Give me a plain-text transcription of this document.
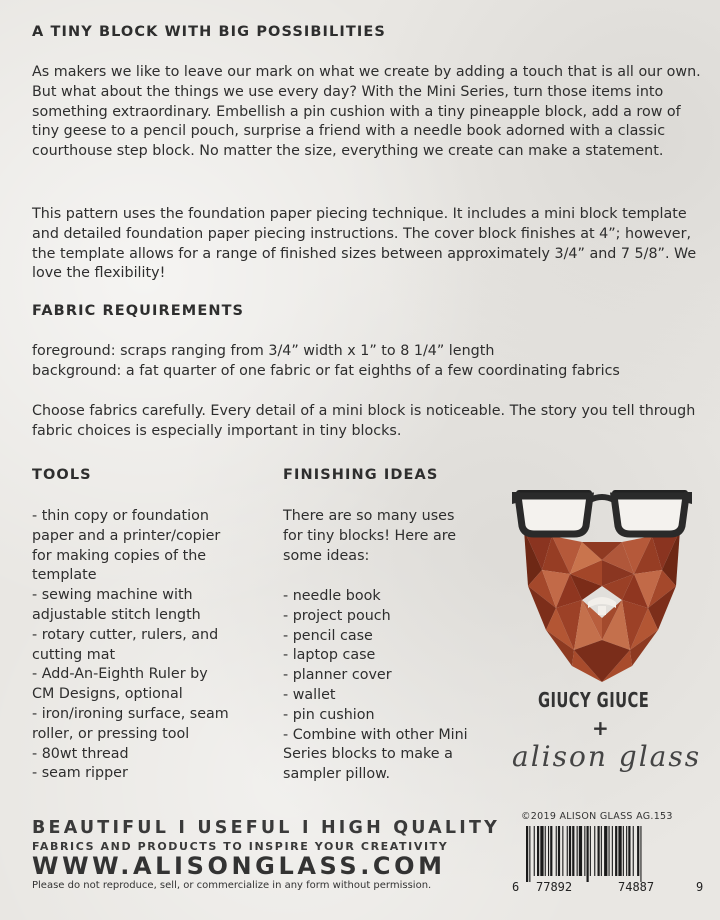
A TINY BLOCK WITH BIG POSSIBILITIES

As makers we like to leave our mark on what we create by adding a touch that is all our own. But what about the things we use every day? With the Mini Series, turn those items into something extraordinary. Embellish a pin cushion with a tiny pineapple block, add a row of tiny geese to a pencil pouch, surprise a friend with a needle book adorned with a classic courthouse step block. No matter the size, everything we create can make a statement.

This pattern uses the foundation paper piecing technique. It includes a mini block template and detailed foundation paper piecing instructions. The cover block finishes at 4”; however, the template allows for a range of finished sizes between approximately 3/4” and 7 5/8”. We love the flexibility!

FABRIC REQUIREMENTS
foreground: scraps ranging from 3/4” width x 1” to 8 1/4” length
background: a fat quarter of one fabric or fat eighths of a few coordinating fabrics

Choose fabrics carefully. Every detail of a mini block is noticeable. The story you tell through fabric choices is especially important in tiny blocks.

TOOLS
- thin copy or foundation
paper and a printer/copier
for making copies of the
template
- sewing machine with
adjustable stitch length
- rotary cutter, rulers, and
cutting mat
- Add-An-Eighth Ruler by
CM Designs, optional
- iron/ironing surface, seam
roller, or pressing tool
- 80wt thread
- seam ripper
FINISHING IDEAS
There are so many uses
for tiny blocks! Here are
some ideas:
- needle book
- project pouch
- pencil case
- laptop case
- planner cover
- wallet
- pin cushion
- Combine with other Mini
Series blocks to make a
sampler pillow.
GIUCY GIUCE
+
alison glass
BEAUTIFUL I USEFUL I HIGH QUALITY
FABRICS AND PRODUCTS TO INSPIRE YOUR CREATIVITY
WWW.ALISONGLASS.COM
Please do not reproduce, sell, or commercialize in any form without permission.
©2019 ALISON GLASS AG.153
6 77892	74887	9
